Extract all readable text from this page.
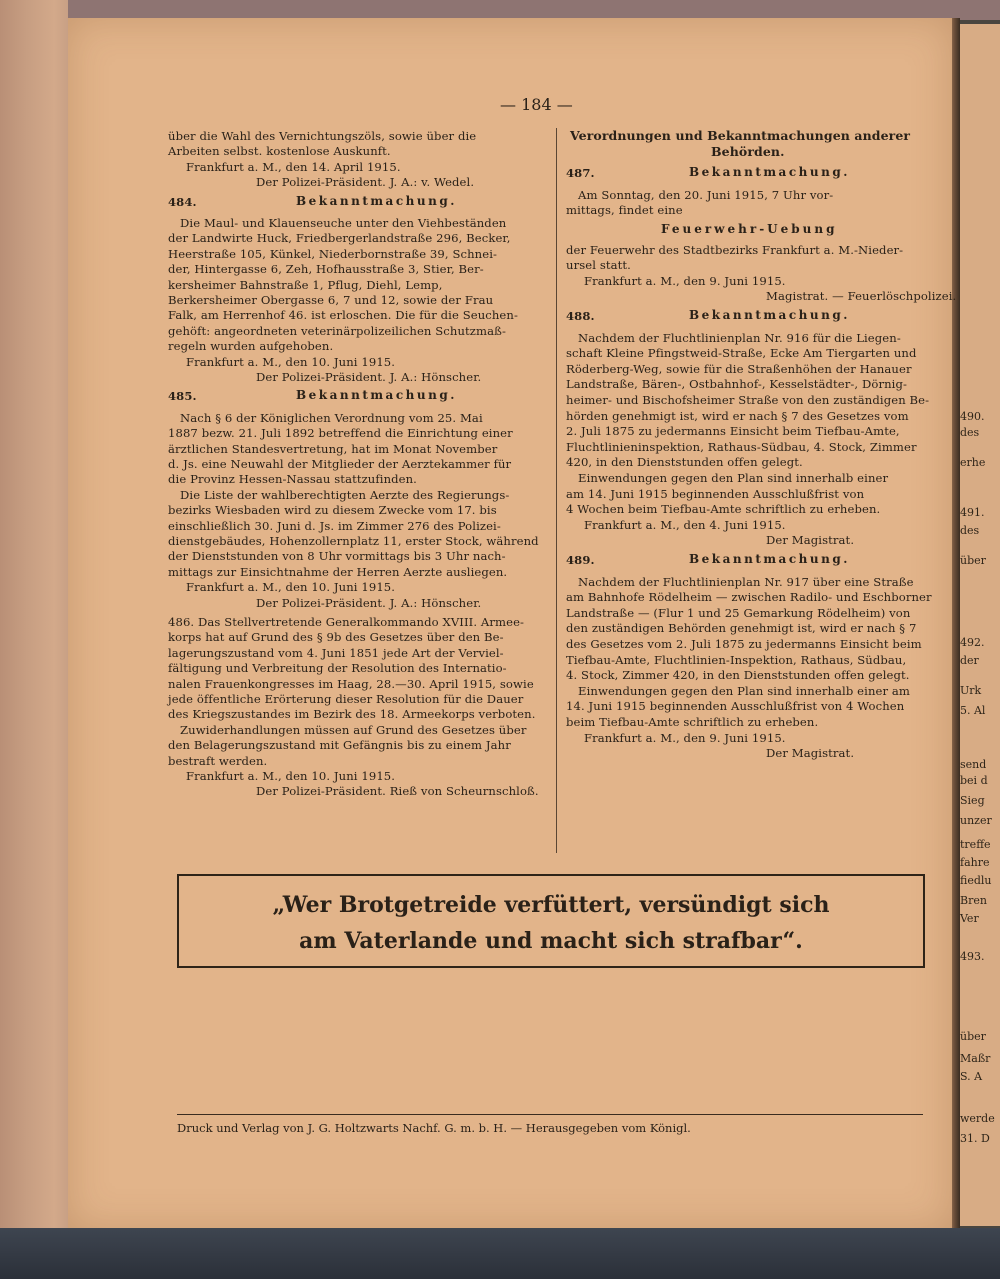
— 184 —
„Wer Brotgetreide verfüttert, versündigt sich
am Vaterlande und macht sich strafbar“.
Druck und Verlag von J. G. Holtzwarts Nachf. G. m. b. H. — Herausgegeben vom Königl.
über die Wahl des Vernichtungszöls, sowie über die
Arbeiten selbst. kostenlose Auskunft.
Frankfurt a. M., den 14. April 1915.
Der Polizei-Präsident. J. A.: v. Wedel.
484.	Bekanntmachung.
Die Maul- und Klauenseuche unter den Viehbeständen
der Landwirte Huck, Friedbergerlandstraße 296, Becker,
Heerstraße 105, Künkel, Niederbornstraße 39, Schnei-
der, Hintergasse 6, Zeh, Hofhausstraße 3, Stier, Ber-
kersheimer Bahnstraße 1, Pflug, Diehl, Lemp,
Berkersheimer Obergasse 6, 7 und 12, sowie der Frau
Falk, am Herrenhof 46. ist erloschen. Die für die Seuchen-
gehöft: angeordneten veterinärpolizeilichen Schutzmaß-
regeln wurden aufgehoben.
Frankfurt a. M., den 10. Juni 1915.
Der Polizei-Präsident. J. A.: Hönscher.
485.	Bekanntmachung.
Nach § 6 der Königlichen Verordnung vom 25. Mai
1887 bezw. 21. Juli 1892 betreffend die Einrichtung einer
ärztlichen Standesvertretung, hat im Monat November
d. Js. eine Neuwahl der Mitglieder der Aerztekammer für
die Provinz Hessen-Nassau stattzufinden.
Die Liste der wahlberechtigten Aerzte des Regierungs-
bezirks Wiesbaden wird zu diesem Zwecke vom 17. bis
einschließlich 30. Juni d. Js. im Zimmer 276 des Polizei-
dienstgebäudes, Hohenzollernplatz 11, erster Stock, während
der Dienststunden von 8 Uhr vormittags bis 3 Uhr nach-
mittags zur Einsichtnahme der Herren Aerzte ausliegen.
Frankfurt a. M., den 10. Juni 1915.
Der Polizei-Präsident. J. A.: Hönscher.
486. Das Stellvertretende Generalkommando XVIII. Armee-
korps hat auf Grund des § 9b des Gesetzes über den Be-
lagerungszustand vom 4. Juni 1851 jede Art der Verviel-
fältigung und Verbreitung der Resolution des Internatio-
nalen Frauenkongresses im Haag, 28.—30. April 1915, sowie
jede öffentliche Erörterung dieser Resolution für die Dauer
des Kriegszustandes im Bezirk des 18. Armeekorps verboten.
Zuwiderhandlungen müssen auf Grund des Gesetzes über
den Belagerungszustand mit Gefängnis bis zu einem Jahr
bestraft werden.
Frankfurt a. M., den 10. Juni 1915.
Der Polizei-Präsident. Rieß von Scheurnschloß.
Verordnungen und Bekanntmachungen anderer
Behörden.
487.	Bekanntmachung.
Am Sonntag, den 20. Juni 1915, 7 Uhr vor-
mittags, findet eine
Feuerwehr-Uebung
der Feuerwehr des Stadtbezirks Frankfurt a. M.-Nieder-
ursel statt.
Frankfurt a. M., den 9. Juni 1915.
Magistrat. — Feuerlöschpolizei.
488.	Bekanntmachung.
Nachdem der Fluchtlinienplan Nr. 916 für die Liegen-
schaft Kleine Pfingstweid-Straße, Ecke Am Tiergarten und
Röderberg-Weg, sowie für die Straßenhöhen der Hanauer
Landstraße, Bären-, Ostbahnhof-, Kesselstädter-, Dörnig-
heimer- und Bischofsheimer Straße von den zuständigen Be-
hörden genehmigt ist, wird er nach § 7 des Gesetzes vom
2. Juli 1875 zu jedermanns Einsicht beim Tiefbau-Amte,
Fluchtlinieninspektion, Rathaus-Südbau, 4. Stock, Zimmer
420, in den Dienststunden offen gelegt.
Einwendungen gegen den Plan sind innerhalb einer
am 14. Juni 1915 beginnenden Ausschlußfrist von
4 Wochen beim Tiefbau-Amte schriftlich zu erheben.
Frankfurt a. M., den 4. Juni 1915.
Der Magistrat.
489.	Bekanntmachung.
Nachdem der Fluchtlinienplan Nr. 917 über eine Straße
am Bahnhofe Rödelheim — zwischen Radilo- und Eschborner
Landstraße — (Flur 1 und 25 Gemarkung Rödelheim) von
den zuständigen Behörden genehmigt ist, wird er nach § 7
des Gesetzes vom 2. Juli 1875 zu jedermanns Einsicht beim
Tiefbau-Amte, Fluchtlinien-Inspektion, Rathaus, Südbau,
4. Stock, Zimmer 420, in den Dienststunden offen gelegt.
Einwendungen gegen den Plan sind innerhalb einer am
14. Juni 1915 beginnenden Ausschlußfrist von 4 Wochen
beim Tiefbau-Amte schriftlich zu erheben.
Frankfurt a. M., den 9. Juni 1915.
Der Magistrat.
490.
des
erhe
491.
des
über
492.
der
Urk
5. Al
send
bei d
Sieg
unzer
treffe
fahre
fiedlu
Bren
Ver
493.
über
Maßr
S. A
werde
31. D
